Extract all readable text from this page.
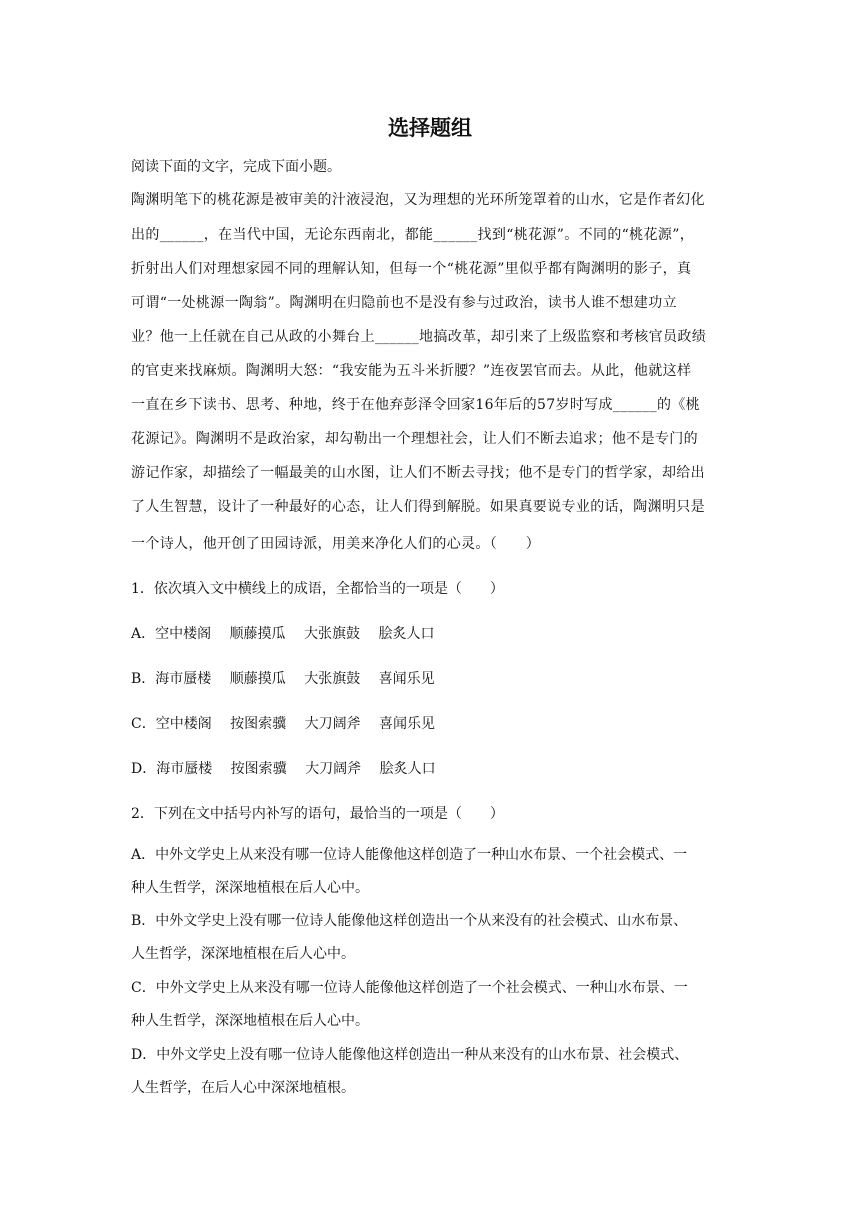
选择题组
阅读下面的文字，完成下面小题。
陶渊明笔下的桃花源是被审美的汁液浸泡，又为理想的光环所笼罩着的山水，它是作者幻化
出的______，在当代中国，无论东西南北，都能______找到“桃花源”。不同的“桃花源”，
折射出人们对理想家园不同的理解认知，但每一个“桃花源”里似乎都有陶渊明的影子，真
可谓“一处桃源一陶翁”。陶渊明在归隐前也不是没有参与过政治，读书人谁不想建功立
业？他一上任就在自己从政的小舞台上______地搞改革，却引来了上级监察和考核官员政绩
的官吏来找麻烦。陶渊明大怒：“我安能为五斗米折腰？”连夜罢官而去。从此，他就这样
一直在乡下读书、思考、种地，终于在他弃彭泽令回家16年后的57岁时写成______的《桃
花源记》。陶渊明不是政治家，却勾勒出一个理想社会，让人们不断去追求；他不是专门的
游记作家，却描绘了一幅最美的山水图，让人们不断去寻找；他不是专门的哲学家，却给出
了人生智慧，设计了一种最好的心态，让人们得到解脱。如果真要说专业的话，陶渊明只是
一个诗人，他开创了田园诗派，用美来净化人们的心灵。（　　）
1．依次填入文中横线上的成语，全都恰当的一项是（　　）
A．空中楼阁　 顺藤摸瓜　 大张旗鼓　 脍炙人口
B．海市蜃楼　 顺藤摸瓜　 大张旗鼓　 喜闻乐见
C．空中楼阁　 按图索骥　 大刀阔斧　 喜闻乐见
D．海市蜃楼　 按图索骥　 大刀阔斧　 脍炙人口
2．下列在文中括号内补写的语句，最恰当的一项是（　　）
A．中外文学史上从来没有哪一位诗人能像他这样创造了一种山水布景、一个社会模式、一
种人生哲学，深深地植根在后人心中。
B．中外文学史上没有哪一位诗人能像他这样创造出一个从来没有的社会模式、山水布景、
人生哲学，深深地植根在后人心中。
C．中外文学史上从来没有哪一位诗人能像他这样创造了一个社会模式、一种山水布景、一
种人生哲学，深深地植根在后人心中。
D．中外文学史上没有哪一位诗人能像他这样创造出一种从来没有的山水布景、社会模式、
人生哲学，在后人心中深深地植根。
